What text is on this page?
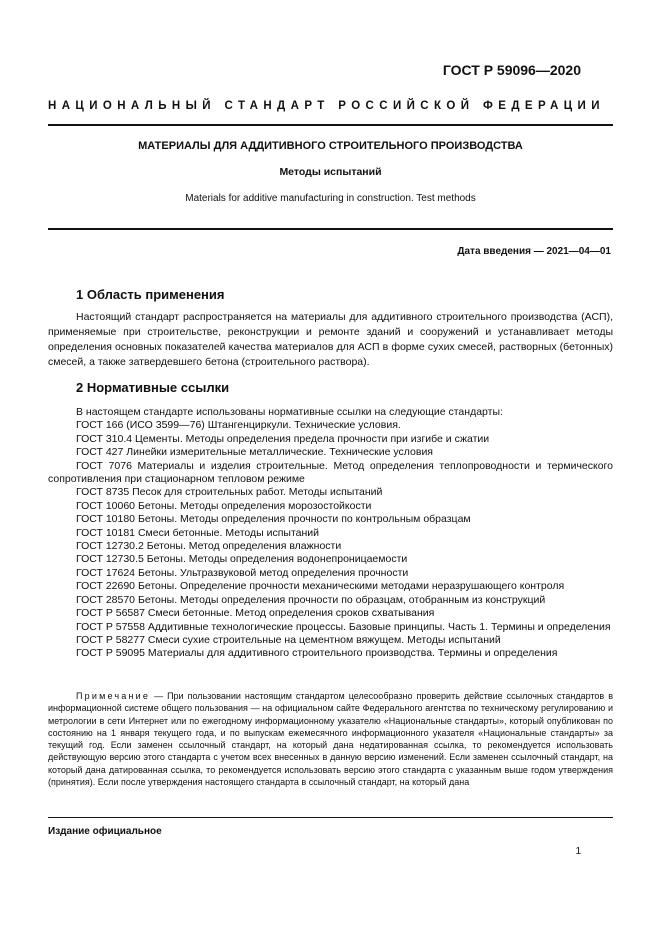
ГОСТ Р 59096—2020
НАЦИОНАЛЬНЫЙ СТАНДАРТ РОССИЙСКОЙ ФЕДЕРАЦИИ
МАТЕРИАЛЫ ДЛЯ АДДИТИВНОГО СТРОИТЕЛЬНОГО ПРОИЗВОДСТВА
Методы испытаний
Materials for additive manufacturing in construction. Test methods
Дата введения — 2021—04—01
1 Область применения

Настоящий стандарт распространяется на материалы для аддитивного строительного производства (АСП), применяемые при строительстве, реконструкции и ремонте зданий и сооружений и устанавливает методы определения основных показателей качества материалов для АСП в форме сухих смесей, растворных (бетонных) смесей, а также затвердевшего бетона (строительного раствора).

2 Нормативные ссылки
В настоящем стандарте использованы нормативные ссылки на следующие стандарты:
ГОСТ 166 (ИСО 3599—76) Штангенциркули. Технические условия.
ГОСТ 310.4 Цементы. Методы определения предела прочности при изгибе и сжатии
ГОСТ 427 Линейки измерительные металлические. Технические условия
ГОСТ 7076 Материалы и изделия строительные. Метод определения теплопроводности и термического сопротивления при стационарном тепловом режиме
ГОСТ 8735 Песок для строительных работ. Методы испытаний
ГОСТ 10060 Бетоны. Методы определения морозостойкости
ГОСТ 10180 Бетоны. Методы определения прочности по контрольным образцам
ГОСТ 10181 Смеси бетонные. Методы испытаний
ГОСТ 12730.2 Бетоны. Метод определения влажности
ГОСТ 12730.5 Бетоны. Методы определения водонепроницаемости
ГОСТ 17624 Бетоны. Ультразвуковой метод определения прочности
ГОСТ 22690 Бетоны. Определение прочности механическими методами неразрушающего контроля
ГОСТ 28570 Бетоны. Методы определения прочности по образцам, отобранным из конструкций
ГОСТ Р 56587 Смеси бетонные. Метод определения сроков схватывания
ГОСТ Р 57558 Аддитивные технологические процессы. Базовые принципы. Часть 1. Термины и определения
ГОСТ Р 58277 Смеси сухие строительные на цементном вяжущем. Методы испытаний
ГОСТ Р 59095 Материалы для аддитивного строительного производства. Термины и определения
Примечание — При пользовании настоящим стандартом целесообразно проверить действие ссылочных стандартов в информационной системе общего пользования — на официальном сайте Федерального агентства по техническому регулированию и метрологии в сети Интернет или по ежегодному информационному указателю «Национальные стандарты», который опубликован по состоянию на 1 января текущего года, и по выпускам ежемесячного информационного указателя «Национальные стандарты» за текущий год. Если заменен ссылочный стандарт, на который дана недатированная ссылка, то рекомендуется использовать действующую версию этого стандарта с учетом всех внесенных в данную версию изменений. Если заменен ссылочный стандарт, на который дана датированная ссылка, то рекомендуется использовать версию этого стандарта с указанным выше годом утверждения (принятия). Если после утверждения настоящего стандарта в ссылочный стандарт, на который дана
Издание официальное
1
